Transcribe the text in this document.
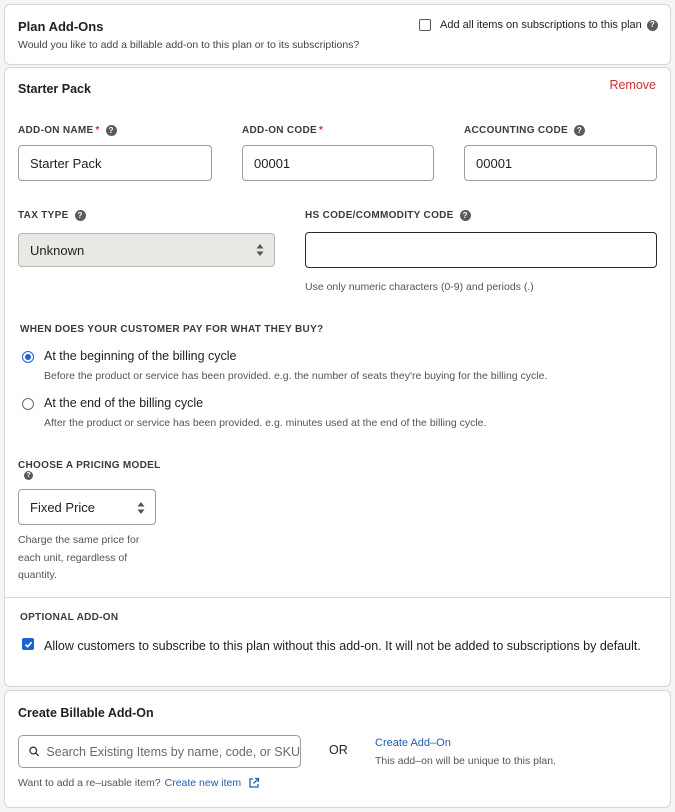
Plan Add-Ons
Would you like to add a billable add-on to this plan or to its subscriptions?
Add all items on subscriptions to this plan	?
Starter Pack	Remove
ADD-ON NAME *	?	ADD-ON CODE *	ACCOUNTING CODE	?
Starter Pack	00001	00001
TAX TYPE	?	HS CODE/COMMODITY CODE	?
Unknown
Use only numeric characters (0-9) and periods (.)
WHEN DOES YOUR CUSTOMER PAY FOR WHAT THEY BUY?
At the beginning of the billing cycle
Before the product or service has been provided. e.g. the number of seats they're buying for the billing cycle.
At the end of the billing cycle
After the product or service has been provided. e.g. minutes used at the end of the billing cycle.
CHOOSE A PRICING MODEL
?
Fixed Price
Charge the same price for each unit, regardless of quantity.
OPTIONAL ADD-ON
Allow customers to subscribe to this plan without this add-on. It will not be added to subscriptions by default.
Create Billable Add-On
Search Existing Items by name, code, or SKU OR Create Add–On
This add–on will be unique to this plan.
Want to add a re–usable item? Create new item
